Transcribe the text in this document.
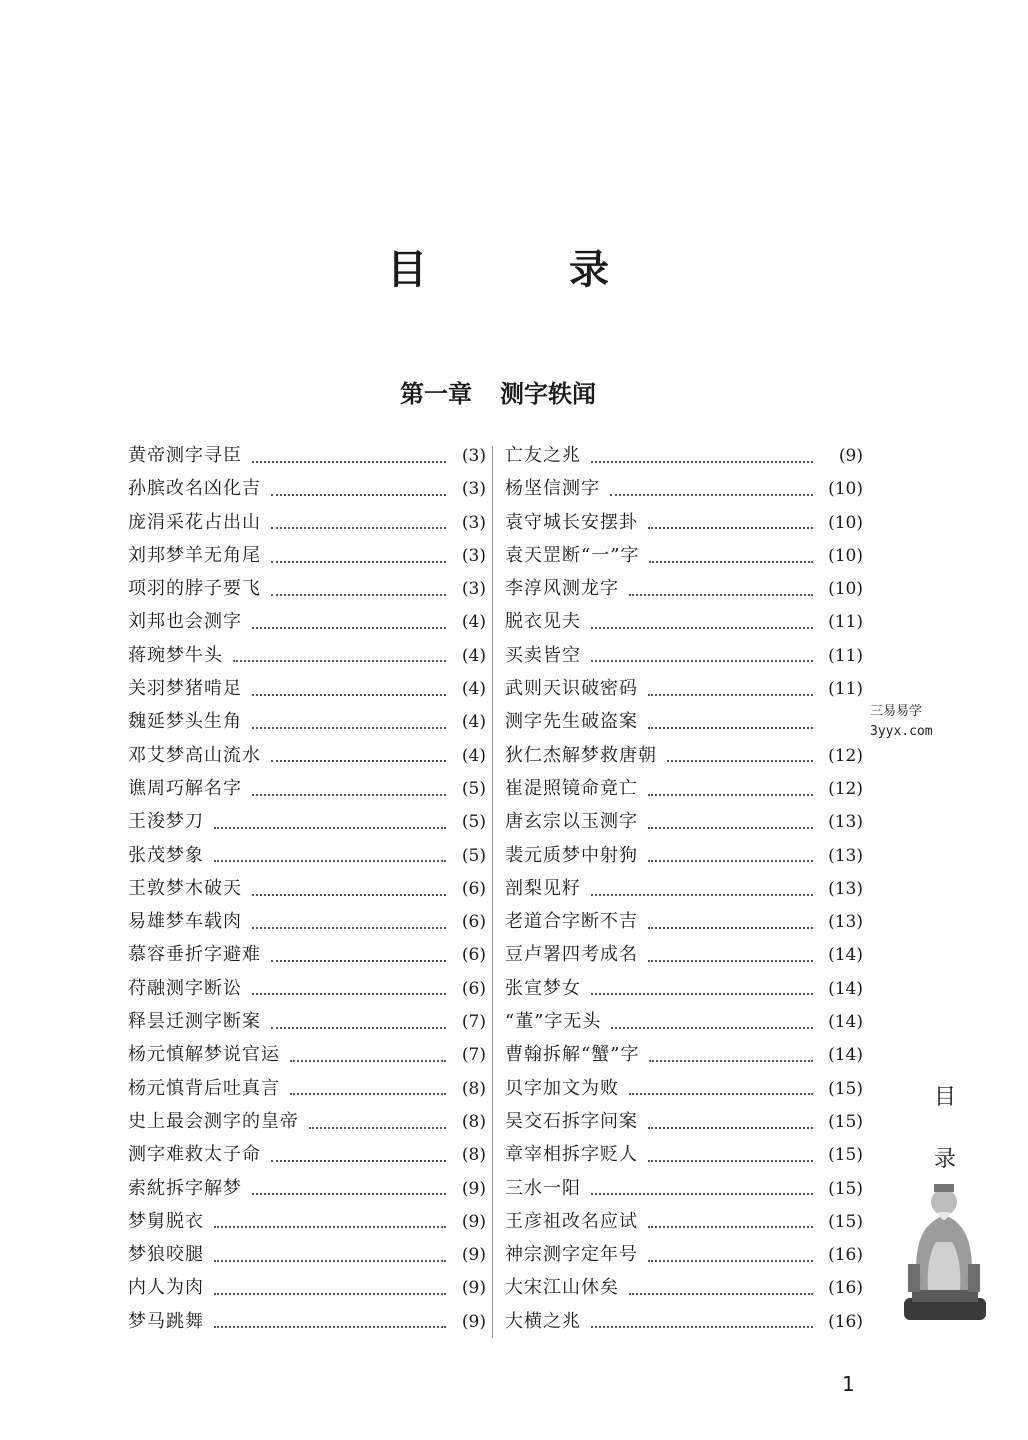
目 录
第一章 测字轶闻
黄帝测字寻臣	(3)
孙膑改名凶化吉	(3)
庞涓采花占出山	(3)
刘邦梦羊无角尾	(3)
项羽的脖子要飞	(3)
刘邦也会测字	(4)
蒋琬梦牛头	(4)
关羽梦猪啃足	(4)
魏延梦头生角	(4)
邓艾梦高山流水	(4)
谯周巧解名字	(5)
王浚梦刀	(5)
张茂梦象	(5)
王敦梦木破天	(6)
易雄梦车载肉	(6)
慕容垂折字避难	(6)
苻融测字断讼	(6)
释昙迁测字断案	(7)
杨元慎解梦说官运	(7)
杨元慎背后吐真言	(8)
史上最会测字的皇帝	(8)
测字难救太子命	(8)
索紞拆字解梦	(9)
梦舅脱衣	(9)
梦狼咬腿	(9)
内人为肉	(9)
梦马跳舞	(9)
亡友之兆	(9)
杨坚信测字	(10)
袁守城长安摆卦	(10)
袁天罡断“一”字	(10)
李淳风测龙字	(10)
脱衣见夫	(11)
买卖皆空	(11)
武则天识破密码	(11)
测字先生破盗案
狄仁杰解梦救唐朝	(12)
崔湜照镜命竟亡	(12)
唐玄宗以玉测字	(13)
裴元质梦中射狗	(13)
剖梨见籽	(13)
老道合字断不吉	(13)
豆卢署四考成名	(14)
张宣梦女	(14)
“董”字无头	(14)
曹翰拆解“蟹”字	(14)
贝字加文为败	(15)
吴交石拆字问案	(15)
章宰相拆字贬人	(15)
三水一阳	(15)
王彦祖改名应试	(15)
神宗测字定年号	(16)
大宋江山休矣	(16)
大横之兆	(16)
三易易学
3yyx.com
目
录
1
